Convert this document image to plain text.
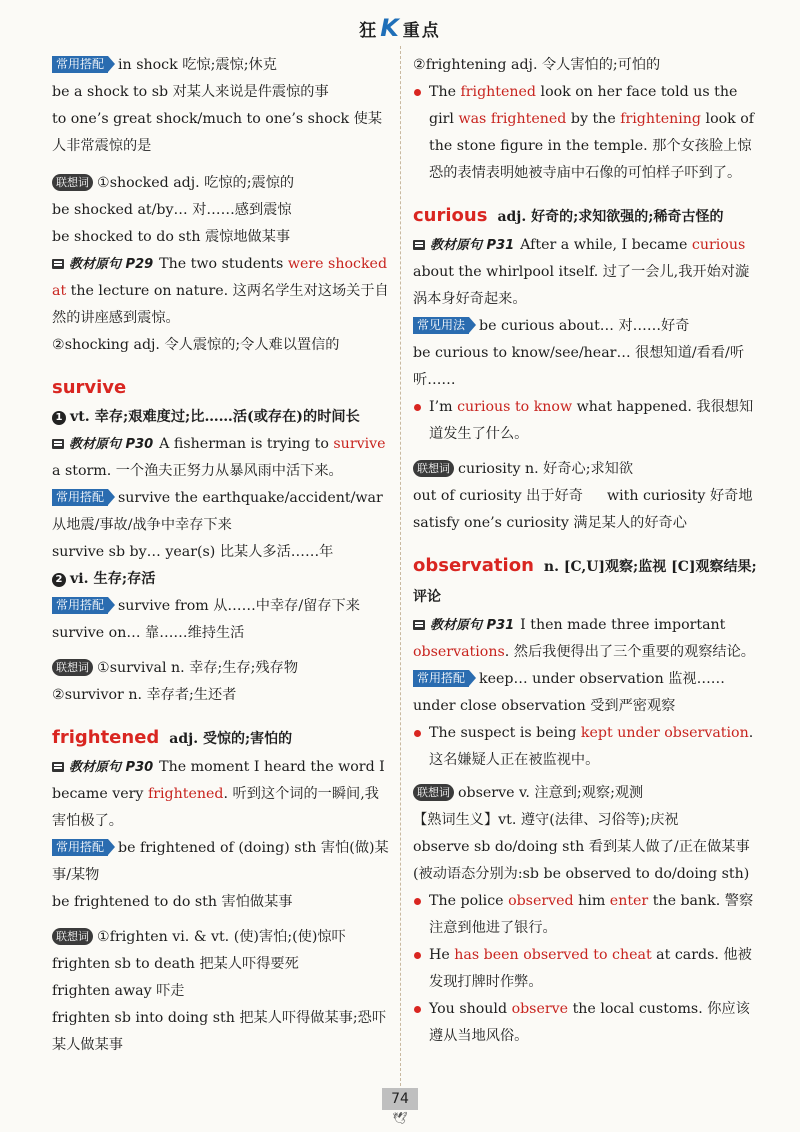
狂K 重点

常用搭配 in shock 吃惊;震惊;休克

be a shock to sb 对某人来说是件震惊的事

to one’s great shock/much to one’s shock 使某人非常震惊的是

联想词 ①shocked adj. 吃惊的;震惊的

be shocked at/by… 对……感到震惊

be shocked to do sth 震惊地做某事

教材原句 P29 The two students were shocked at the lecture on nature. 这两名学生对这场关于自然的讲座感到震惊。

②shocking adj. 令人震惊的;令人难以置信的

survive

1 vt. 幸存;艰难度过;比……活(或存在)的时间长

教材原句 P30 A fisherman is trying to survive a storm. 一个渔夫正努力从暴风雨中活下来。

常用搭配 survive the earthquake/accident/war 从地震/事故/战争中幸存下来

survive sb by… year(s) 比某人多活……年

2 vi. 生存;存活

常用搭配 survive from 从……中幸存/留存下来

survive on… 靠……维持生活

联想词 ①survival n. 幸存;生存;残存物

②survivor n. 幸存者;生还者

frightened adj. 受惊的;害怕的

教材原句 P30 The moment I heard the word I became very frightened. 听到这个词的一瞬间,我害怕极了。

常用搭配 be frightened of (doing) sth 害怕(做)某事/某物

be frightened to do sth 害怕做某事

联想词 ①frighten vi. & vt. (使)害怕;(使)惊吓

frighten sb to death 把某人吓得要死

frighten away 吓走

frighten sb into doing sth 把某人吓得做某事;恐吓某人做某事

②frightening adj. 令人害怕的;可怕的

The frightened look on her face told us the girl was frightened by the frightening look of the stone figure in the temple. 那个女孩脸上惊恐的表情表明她被寺庙中石像的可怕样子吓到了。

curious adj. 好奇的;求知欲强的;稀奇古怪的

教材原句 P31 After a while, I became curious about the whirlpool itself. 过了一会儿,我开始对漩涡本身好奇起来。

常见用法 be curious about… 对……好奇

be curious to know/see/hear… 很想知道/看看/听听……

I’m curious to know what happened. 我很想知道发生了什么。

联想词 curiosity n. 好奇心;求知欲

out of curiosity 出于好奇 with curiosity 好奇地

satisfy one’s curiosity 满足某人的好奇心

observation n. [C,U]观察;监视 [C]观察结果;评论

教材原句 P31 I then made three important observations. 然后我便得出了三个重要的观察结论。

常用搭配 keep… under observation 监视……

under close observation 受到严密观察

The suspect is being kept under observation. 这名嫌疑人正在被监视中。

联想词 observe v. 注意到;观察;观测

【熟词生义】vt. 遵守(法律、习俗等);庆祝

observe sb do/doing sth 看到某人做了/正在做某事

(被动语态分别为:sb be observed to do/doing sth)

The police observed him enter the bank. 警察注意到他进了银行。

He has been observed to cheat at cards. 他被发现打牌时作弊。

You should observe the local customs. 你应该遵从当地风俗。

74
🕊
